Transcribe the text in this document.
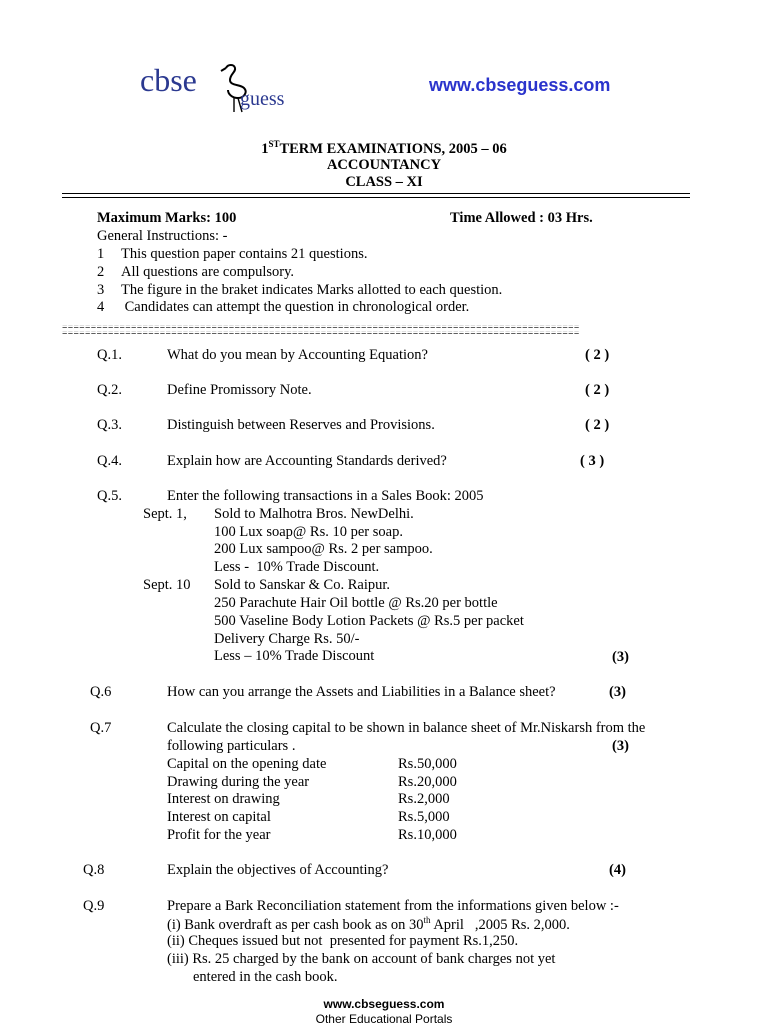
cbse
guess
www.cbseguess.com
1STTERM EXAMINATIONS, 2005 – 06
ACCOUNTANCY
CLASS – XI
Maximum Marks: 100	Time Allowed : 03 Hrs.
General Instructions: -
1 This question paper contains 21 questions.
2 All questions are compulsory.
3 The figure in the braket indicates Marks allotted to each question.
4 Candidates can attempt the question in chronological order.
Q.1.	What do you mean by Accounting Equation?	( 2 )
Q.2.	Define Promissory Note.	( 2 )
Q.3.	Distinguish between Reserves and Provisions.	( 2 )
Q.4.	Explain how are Accounting Standards derived?	( 3 )
Q.5.	Enter the following transactions in a Sales Book: 2005
Sept. 1, Sold to Malhotra Bros. NewDelhi.
100 Lux soap@ Rs. 10 per soap.
200 Lux sampoo@ Rs. 2 per sampoo.
Less -  10% Trade Discount.
Sept. 10 Sold to Sanskar & Co. Raipur.
250 Parachute Hair Oil bottle @ Rs.20 per bottle
500 Vaseline Body Lotion Packets @ Rs.5 per packet
Delivery Charge Rs. 50/-
Less – 10% Trade Discount	(3)
Q.6	How can you arrange the Assets and Liabilities in a Balance sheet?	(3)
Q.7	Calculate the closing capital to be shown in balance sheet of Mr.Niskarsh from the
following particulars .	(3)
Capital on the opening date	Rs.50,000
Drawing during the year	Rs.20,000
Interest on drawing	Rs.2,000
Interest on capital	Rs.5,000
Profit for the year	Rs.10,000
Q.8	Explain the objectives of Accounting?	(4)
Q.9	Prepare a Bark Reconciliation statement from the informations given below :-
(i) Bank overdraft as per cash book as on 30th April   ,2005 Rs. 2,000.
(ii) Cheques issued but not  presented for payment Rs.1,250.
(iii) Rs. 25 charged by the bank on account of bank charges not yet
entered in the cash book.
www.cbseguess.com
Other Educational Portals
